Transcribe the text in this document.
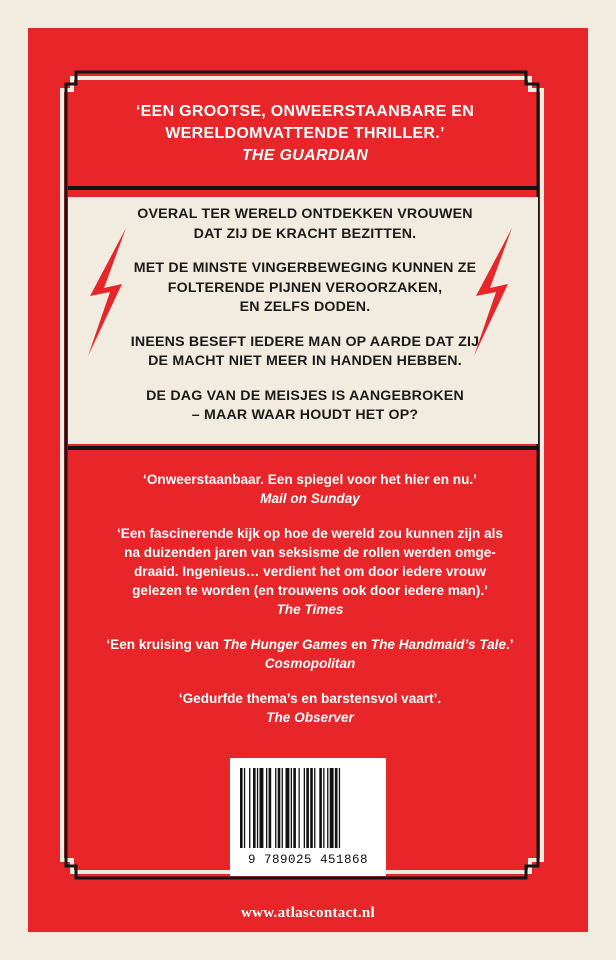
‘EEN GROOTSE, ONWEERSTAANBARE EN
WERELDOMVATTENDE THRILLER.’
THE GUARDIAN

OVERAL TER WERELD ONTDEKKEN VROUWEN
DAT ZIJ DE KRACHT BEZITTEN.

MET DE MINSTE VINGERBEWEGING KUNNEN ZE
FOLTERENDE PIJNEN VEROORZAKEN,
EN ZELFS DODEN.

INEENS BESEFT IEDERE MAN OP AARDE DAT ZIJ
DE MACHT NIET MEER IN HANDEN HEBBEN.

DE DAG VAN DE MEISJES IS AANGEBROKEN
– MAAR WAAR HOUDT HET OP?

‘Onweerstaanbaar. Een spiegel voor het hier en nu.’

Mail on Sunday

‘Een fascinerende kijk op hoe de wereld zou kunnen zijn als

na duizenden jaren van seksisme de rollen werden omge-

draaid. Ingenieus… verdient het om door iedere vrouw

gelezen te worden (en trouwens ook door iedere man).’

The Times

‘Een kruising van The Hunger Games en The Handmaid’s Tale.’

Cosmopolitan

‘Gedurfde thema’s en barstensvol vaart’.

The Observer

9 789025 451868
www.atlascontact.nl
